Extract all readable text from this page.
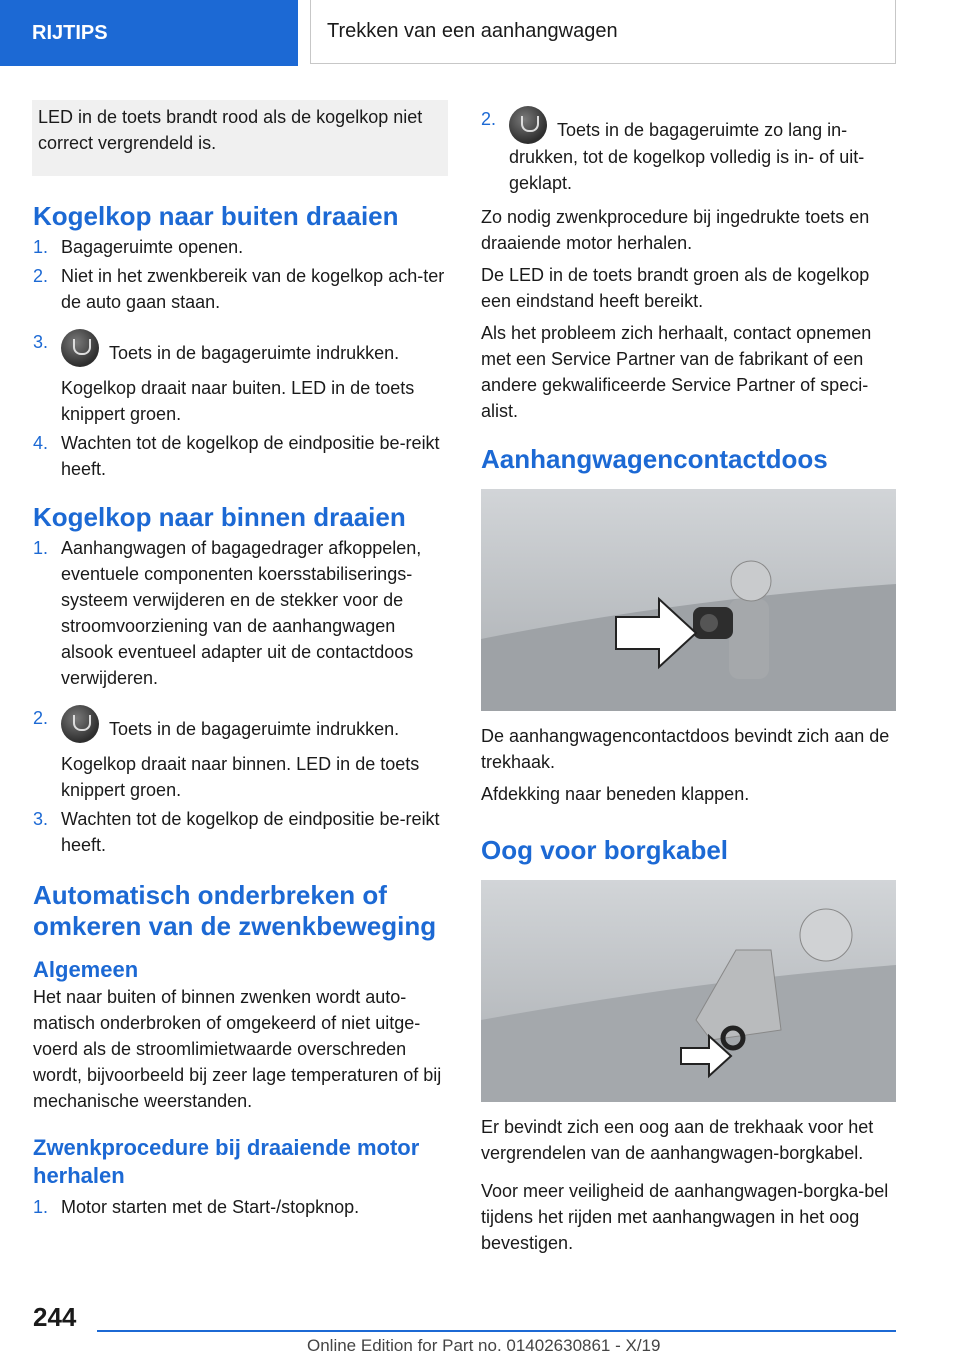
RIJTIPS	Trekken van een aanhangwagen
LED in de toets brandt rood als de kogelkop niet correct vergrendeld is.
Kogelkop naar buiten draaien
1. Bagageruimte openen.
2. Niet in het zwenkbereik van de kogelkop ach-ter de auto gaan staan.
3.
Toets in de bagageruimte indrukken.

Kogelkop draait naar buiten. LED in de toets knippert groen.

4. Wachten tot de kogelkop de eindpositie be-reikt heeft.
Kogelkop naar binnen draaien
1. Aanhangwagen of bagagedrager afkoppelen, eventuele componenten koersstabiliserings-systeem verwijderen en de stekker voor de stroomvoorziening van de aanhangwagen alsook eventueel adapter uit de contactdoos verwijderen.
2.
Toets in de bagageruimte indrukken.

Kogelkop draait naar binnen. LED in de toets knippert groen.

3. Wachten tot de kogelkop de eindpositie be-reikt heeft.
Automatisch onderbreken of omkeren van de zwenkbeweging
Algemeen

Het naar buiten of binnen zwenken wordt auto-matisch onderbroken of omgekeerd of niet uitge-voerd als de stroomlimietwaarde overschreden wordt, bijvoorbeeld bij zeer lage temperaturen of bij mechanische weerstanden.

Zwenkprocedure bij draaiende motor herhalen
1. Motor starten met de Start-/stopknop.
2.
Toets in de bagageruimte zo lang in-drukken, tot de kogelkop volledig is in- of uit-geklapt.

Zo nodig zwenkprocedure bij ingedrukte toets en draaiende motor herhalen.

De LED in de toets brandt groen als de kogelkop een eindstand heeft bereikt.

Als het probleem zich herhaalt, contact opnemen met een Service Partner van de fabrikant of een andere gekwalificeerde Service Partner of speci-alist.

Aanhangwagencontactdoos

De aanhangwagencontactdoos bevindt zich aan de trekhaak.

Afdekking naar beneden klappen.

Oog voor borgkabel

Er bevindt zich een oog aan de trekhaak voor het vergrendelen van de aanhangwagen-borgkabel.

Voor meer veiligheid de aanhangwagen-borgka-bel tijdens het rijden met aanhangwagen in het oog bevestigen.

244
Online Edition for Part no. 01402630861 - X/19
